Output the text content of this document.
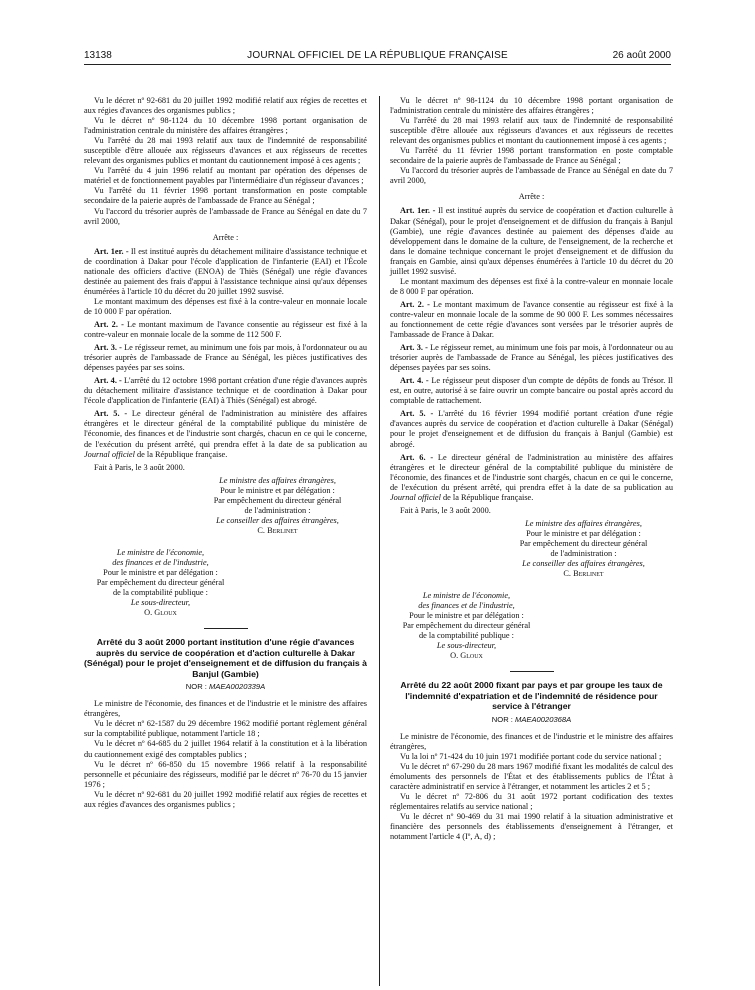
13138	JOURNAL OFFICIEL DE LA RÉPUBLIQUE FRANÇAISE	26 août 2000

Vu le décret nº 92-681 du 20 juillet 1992 modifié relatif aux régies de recettes et aux régies d'avances des organismes publics ;

Vu le décret nº 98-1124 du 10 décembre 1998 portant organisation de l'administration centrale du ministère des affaires étrangères ;

Vu l'arrêté du 28 mai 1993 relatif aux taux de l'indemnité de responsabilité susceptible d'être allouée aux régisseurs d'avances et aux régisseurs de recettes relevant des organismes publics et montant du cautionnement imposé à ces agents ;

Vu l'arrêté du 4 juin 1996 relatif au montant par opération des dépenses de matériel et de fonctionnement payables par l'intermédiaire d'un régisseur d'avances ;

Vu l'arrêté du 11 février 1998 portant transformation en poste comptable secondaire de la paierie auprès de l'ambassade de France au Sénégal ;

Vu l'accord du trésorier auprès de l'ambassade de France au Sénégal en date du 7 avril 2000,

Arrête :

Art. 1er. - Il est institué auprès du détachement militaire d'assistance technique et de coordination à Dakar pour l'école d'application de l'infanterie (EAI) et l'École nationale des officiers d'active (ENOA) de Thiès (Sénégal) une régie d'avances destinée au paiement des frais d'appui à l'assistance technique ainsi qu'aux dépenses énumérées à l'article 10 du décret du 20 juillet 1992 susvisé.

Le montant maximum des dépenses est fixé à la contre-valeur en monnaie locale de 10 000 F par opération.

Art. 2. - Le montant maximum de l'avance consentie au régisseur est fixé à la contre-valeur en monnaie locale de la somme de 112 500 F.

Art. 3. - Le régisseur remet, au minimum une fois par mois, à l'ordonnateur ou au trésorier auprès de l'ambassade de France au Sénégal, les pièces justificatives des dépenses payées par ses soins.

Art. 4. - L'arrêté du 12 octobre 1998 portant création d'une régie d'avances auprès du détachement militaire d'assistance technique et de coordination à Dakar pour l'école d'application de l'infanterie (EAI) à Thiès (Sénégal) est abrogé.

Art. 5. - Le directeur général de l'administration au ministère des affaires étrangères et le directeur général de la comptabilité publique du ministère de l'économie, des finances et de l'industrie sont chargés, chacun en ce qui le concerne, de l'exécution du présent arrêté, qui prendra effet à la date de sa publication au Journal officiel de la République française.

Fait à Paris, le 3 août 2000.

Le ministre des affaires étrangères,
Pour le ministre et par délégation :
Par empêchement du directeur général
de l'administration :
Le conseiller des affaires étrangères,
C. Berlinet
Le ministre de l'économie,
des finances et de l'industrie,
Pour le ministre et par délégation :
Par empêchement du directeur général
de la comptabilité publique :
Le sous-directeur,
O. Gloux

Arrêté du 3 août 2000 portant institution d'une régie d'avances auprès du service de coopération et d'action culturelle à Dakar (Sénégal) pour le projet d'enseignement et de diffusion du français à Banjul (Gambie)

NOR : MAEA0020339A

Le ministre de l'économie, des finances et de l'industrie et le ministre des affaires étrangères,

Vu le décret nº 62-1587 du 29 décembre 1962 modifié portant règlement général sur la comptabilité publique, notamment l'article 18 ;

Vu le décret nº 64-685 du 2 juillet 1964 relatif à la constitution et à la libération du cautionnement exigé des comptables publics ;

Vu le décret nº 66-850 du 15 novembre 1966 relatif à la responsabilité personnelle et pécuniaire des régisseurs, modifié par le décret nº 76-70 du 15 janvier 1976 ;

Vu le décret nº 92-681 du 20 juillet 1992 modifié relatif aux régies de recettes et aux régies d'avances des organismes publics ;

Vu le décret nº 98-1124 du 10 décembre 1998 portant organisation de l'administration centrale du ministère des affaires étrangères ;

Vu l'arrêté du 28 mai 1993 relatif aux taux de l'indemnité de responsabilité susceptible d'être allouée aux régisseurs d'avances et aux régisseurs de recettes relevant des organismes publics et montant du cautionnement imposé à ces agents ;

Vu l'arrêté du 11 février 1998 portant transformation en poste comptable secondaire de la paierie auprès de l'ambassade de France au Sénégal ;

Vu l'accord du trésorier auprès de l'ambassade de France au Sénégal en date du 7 avril 2000,

Arrête :

Art. 1er. - Il est institué auprès du service de coopération et d'action culturelle à Dakar (Sénégal), pour le projet d'enseignement et de diffusion du français à Banjul (Gambie), une régie d'avances destinée au paiement des dépenses d'aide au développement dans le domaine de la culture, de l'enseignement, de la recherche et dans le domaine technique concernant le projet d'enseignement et de diffusion du français en Gambie, ainsi qu'aux dépenses énumérées à l'article 10 du décret du 20 juillet 1992 susvisé.

Le montant maximum des dépenses est fixé à la contre-valeur en monnaie locale de 8 000 F par opération.

Art. 2. - Le montant maximum de l'avance consentie au régisseur est fixé à la contre-valeur en monnaie locale de la somme de 90 000 F. Les sommes nécessaires au fonctionnement de cette régie d'avances sont versées par le trésorier auprès de l'ambassade de France à Dakar.

Art. 3. - Le régisseur remet, au minimum une fois par mois, à l'ordonnateur ou au trésorier auprès de l'ambassade de France au Sénégal, les pièces justificatives des dépenses payées par ses soins.

Art. 4. - Le régisseur peut disposer d'un compte de dépôts de fonds au Trésor. Il est, en outre, autorisé à se faire ouvrir un compte bancaire ou postal après accord du comptable de rattachement.

Art. 5. - L'arrêté du 16 février 1994 modifié portant création d'une régie d'avances auprès du service de coopération et d'action culturelle à Dakar (Sénégal) pour le projet d'enseignement et de diffusion du français à Banjul (Gambie) est abrogé.

Art. 6. - Le directeur général de l'administration au ministère des affaires étrangères et le directeur général de la comptabilité publique du ministère de l'économie, des finances et de l'industrie sont chargés, chacun en ce qui le concerne, de l'exécution du présent arrêté, qui prendra effet à la date de sa publication au Journal officiel de la République française.

Fait à Paris, le 3 août 2000.

Le ministre des affaires étrangères,
Pour le ministre et par délégation :
Par empêchement du directeur général
de l'administration :
Le conseiller des affaires étrangères,
C. Berlinet
Le ministre de l'économie,
des finances et de l'industrie,
Pour le ministre et par délégation :
Par empêchement du directeur général
de la comptabilité publique :
Le sous-directeur,
O. Gloux

Arrêté du 22 août 2000 fixant par pays et par groupe les taux de l'indemnité d'expatriation et de l'indemnité de résidence pour service à l'étranger

NOR : MAEA0020368A

Le ministre de l'économie, des finances et de l'industrie et le ministre des affaires étrangères,

Vu la loi nº 71-424 du 10 juin 1971 modifiée portant code du service national ;

Vu le décret nº 67-290 du 28 mars 1967 modifié fixant les modalités de calcul des émoluments des personnels de l'État et des établissements publics de l'État à caractère administratif en service à l'étranger, et notamment les articles 2 et 5 ;

Vu le décret nº 72-806 du 31 août 1972 portant codification des textes réglementaires relatifs au service national ;

Vu le décret nº 90-469 du 31 mai 1990 relatif à la situation administrative et financière des personnels des établissements d'enseignement à l'étranger, et notamment l'article 4 (Iº, A, d) ;
